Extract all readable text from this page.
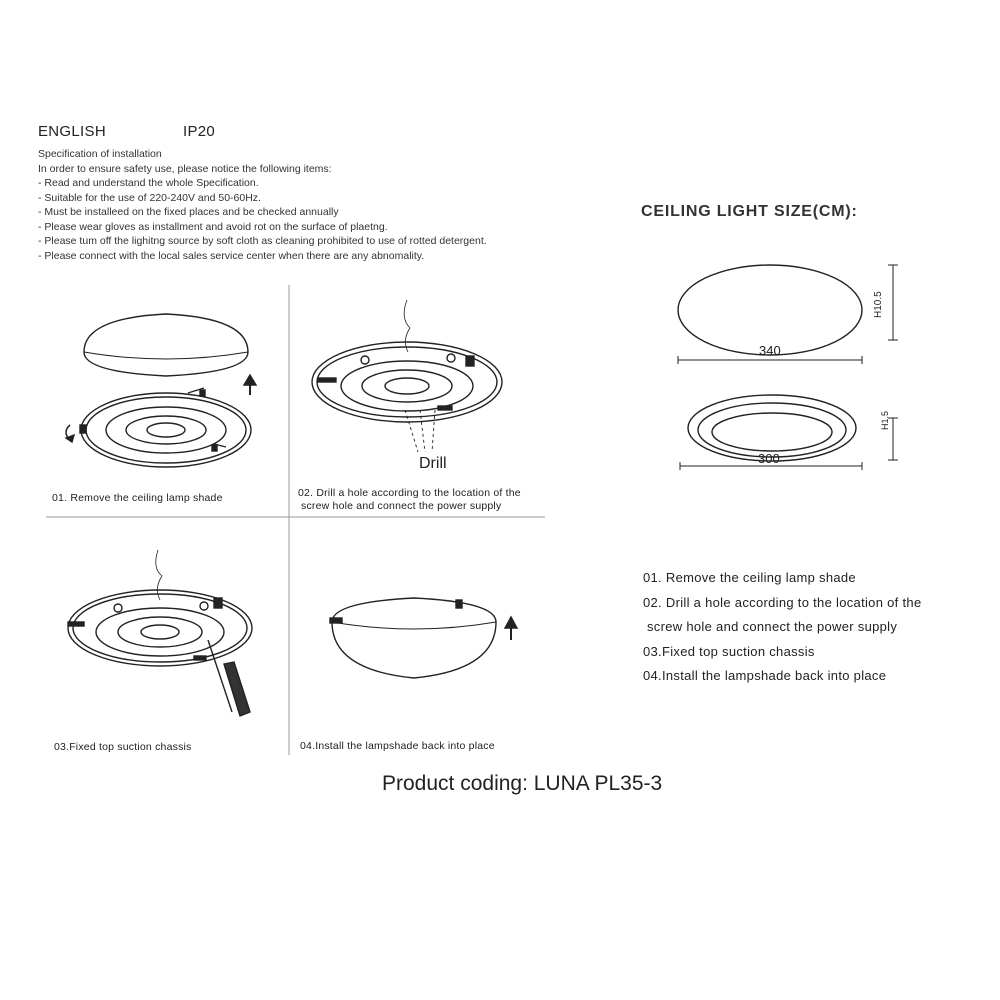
ENGLISH	IP20
Specification of installation
In order to ensure safety use, please notice the following items:
- Read and understand the whole Specification.
- Suitable for the use of 220-240V and 50-60Hz.
- Must be installeed on the fixed places and be checked annually
- Please wear gloves as installment and avoid rot on the surface of plaetng.
- Please tum off the lighitng source by soft cloth as cleaning prohibited to use of rotted detergent.
- Please connect with the local sales service center when there are any abnomality.
01. Remove the ceiling lamp shade	02. Drill a hole according to the location of the
screw hole and connect the power supply
Drill
03.Fixed top suction chassis	04.Install the lampshade back into place
CEILING LIGHT SIZE(CM):
340
H10.5
300
H1.5
01. Remove the ceiling lamp shade
02. Drill a hole according to the location of the
screw hole and connect the power supply
03.Fixed top suction chassis
04.Install the lampshade back into place
Product coding: LUNA PL35-3
